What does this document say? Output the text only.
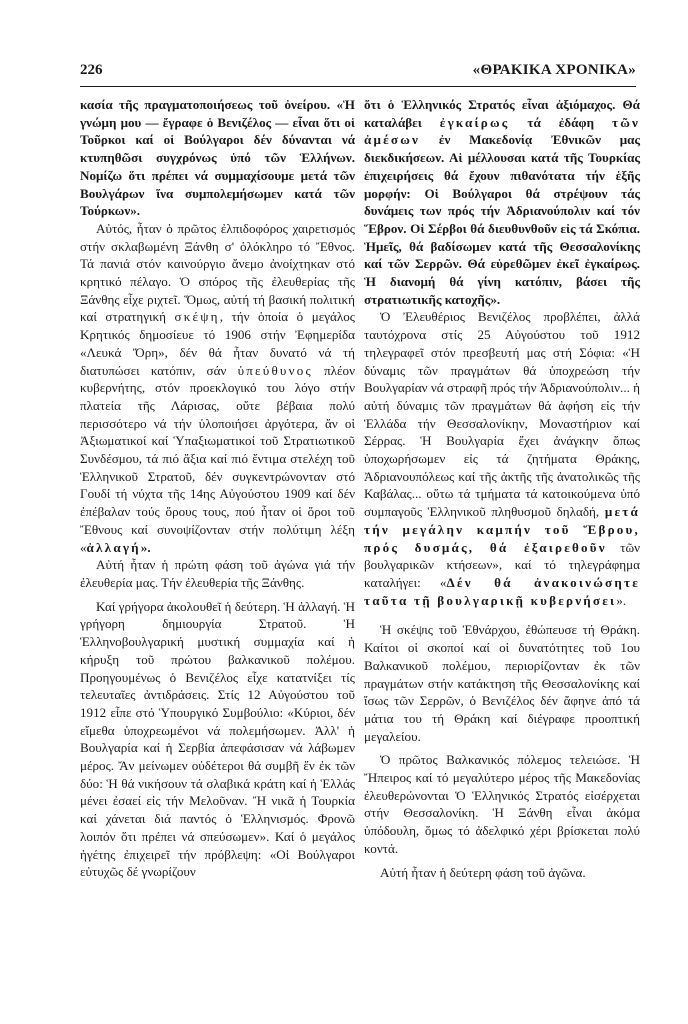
226	«ΘΡΑΚΙΚΑ ΧΡΟΝΙΚΑ»

κασία τῆς πραγματοποιήσεως τοῦ ὀνείρου. «Ἡ γνώμη μου — ἔγραφε ὁ Βενιζέλος — εἶναι ὅτι οἱ Τοῦρκοι καί οἱ Βούλγαροι δέν δύνανται νά κτυπηθῶσι συγχρόνως ὑπό τῶν Ἑλλήνων. Νομίζω ὅτι πρέπει νά συμμαχίσουμε μετά τῶν Βουλγάρων ἵνα συμπολεμήσωμεν κατά τῶν Τούρκων».

Αὐτός, ἦταν ὁ πρῶτος ἐλπιδοφόρος χαιρετισμός στήν σκλαβωμένη Ξάνθη σ' ὁλόκληρο τό Ἔθνος. Τά πανιά στόν καινούργιο ἄνεμο ἀνοίχτηκαν στό κρητικό πέλαγο. Ὁ σπόρος τῆς ἐλευθερίας τῆς Ξάνθης εἶχε ριχτεῖ. Ὅμως, αὐτή τή βασική πολιτική καί στρατηγική σκέψη, τήν ὁποία ὁ μεγάλος Κρητικός δημοσίευε τό 1906 στήν Ἐφημερίδα «Λευκά Ὄρη», δέν θά ἦταν δυνατό νά τή διατυπώσει κατόπιν, σάν ὑπεύθυνος πλέον κυβερνήτης, στόν προεκλογικό του λόγο στήν πλατεία τῆς Λάρισας, οὔτε βέβαια πολύ περισσότερο νά τήν ὑλοποιήσει ἀργότερα, ἄν οἱ Ἀξιωματικοί καί Ὑπαξιωματικοί τοῦ Στρατιωτικοῦ Συνδέσμου, τά πιό ἄξια καί πιό ἔντιμα στελέχη τοῦ Ἑλληνικοῦ Στρατοῦ, δέν συγκεντρώνονταν στό Γουδί τή νύχτα τῆς 14ης Αὐγούστου 1909 καί δέν ἐπέβαλαν τούς ὅρους τους, πού ἦταν οἱ ὅροι τοῦ Ἔθνους καί συνοψίζονταν στήν πολύτιμη λέξη «ἀλλαγή».

Αὐτή ἦταν ἡ πρώτη φάση τοῦ ἀγώνα γιά τήν ἐλευθερία μας. Τήν ἐλευθερία τῆς Ξάνθης.

Καί γρήγορα ἀκολουθεῖ ἡ δεύτερη. Ἡ ἀλλαγή. Ἡ γρήγορη δημιουργία Στρατοῦ. Ἡ Ἑλληνοβουλγαρική μυστική συμμαχία καί ἡ κήρυξη τοῦ πρώτου βαλκανικοῦ πολέμου. Προηγουμένως ὁ Βενιζέλος εἶχε κατατνίξει τίς τελευταῖες ἀντιδράσεις. Στίς 12 Αὐγούστου τοῦ 1912 εἶπε στό Ὑπουργικό Συμβούλιο: «Κύριοι, δέν εἴμεθα ὑποχρεωμένοι νά πολεμήσωμεν. Ἀλλ' ἡ Βουλγαρία καί ἡ Σερβία ἀπεφάσισαν νά λάβωμεν μέρος. Ἄν μείνωμεν οὐδέτεροι θά συμβῆ ἕν ἐκ τῶν δύο: Ἡ θά νικήσουν τά σλαβικά κράτη καί ἡ Ἑλλάς μένει ἐσαεί εἰς τήν Μελοῦναν. Ἤ νικᾶ ἡ Τουρκία καί χάνεται διά παντός ὁ Ἑλληνισμός. Φρονῶ λοιπόν ὅτι πρέπει νά σπεύσωμεν». Καί ὁ μεγάλος ἡγέτης ἐπιχειρεῖ τήν πρόβλεψη: «Οἱ Βούλγαροι εὐτυχῶς δέ γνωρίζουν

ὅτι ὁ Ἑλληνικός Στρατός εἶναι ἀξιόμαχος. Θά καταλάβει ἐγκαίρως τά ἐδάφη τῶν ἀμέσων ἐν Μακεδονίᾳ Ἐθνικῶν μας διεκδικήσεων. Αἱ μέλλουσαι κατά τῆς Τουρκίας ἐπιχειρήσεις θά ἔχουν πιθανότατα τήν ἑξῆς μορφήν: Οἱ Βούλγαροι θά στρέψουν τάς δυνάμεις των πρός τήν Ἀδριανούπολιν καί τόν Ἕβρον. Οἱ Σέρβοι θά διευθυνθοῦν εἰς τά Σκόπια. Ἡμεῖς, θά βαδίσωμεν κατά τῆς Θεσσαλονίκης καί τῶν Σερρῶν. Θά εὑρεθῶμεν ἐκεῖ ἐγκαίρως. Ἡ διανομή θά γίνη κατόπιν, βάσει τῆς στρατιωτικῆς κατοχῆς».

Ὁ Ἐλευθέριος Βενιζέλος προβλέπει, ἀλλά ταυτόχρονα στίς 25 Αὐγούστου τοῦ 1912 τηλεγραφεῖ στόν πρεσβευτή μας στή Σόφια: «Ἡ δύναμις τῶν πραγμάτων θά ὑποχρεώση τήν Βουλγαρίαν νά στραφῆ πρός τήν Ἀδριανούπολιν... ἡ αὐτή δύναμις τῶν πραγμάτων θά ἀφήση εἰς τήν Ἑλλάδα τήν Θεσσαλονίκην, Μοναστήριον καί Σέρρας. Ἡ Βουλγαρία ἔχει ἀνάγκην ὅπως ὑποχωρήσωμεν εἰς τά ζητήματα Θράκης, Ἀδριανουπόλεως καί τῆς ἀκτῆς τῆς ἀνατολικῶς τῆς Καβάλας... οὕτω τά τμήματα τά κατοικούμενα ὑπό συμπαγοῦς Ἑλληνικοῦ πληθυσμοῦ δηλαδή, μετά τήν μεγάλην καμπήν τοῦ Ἕβρου, πρός δυσμάς, θά ἐξαιρεθοῦν τῶν βουλγαρικῶν κτήσεων», καί τό τηλεγράφημα καταλήγει: «Δέν θά ἀνακοινώσητε ταῦτα τῇ βουλγαρικῇ κυβερνήσει».

Ἡ σκέψις τοῦ Ἐθνάρχου, ἐθώπευσε τή Θράκη. Καίτοι οἱ σκοποί καί οἱ δυνατότητες τοῦ 1ου Βαλκανικοῦ πολέμου, περιορίζονταν ἐκ τῶν πραγμάτων στήν κατάκτηση τῆς Θεσσαλονίκης καί ἴσως τῶν Σερρῶν, ὁ Βενιζέλος δέν ἄφηνε ἀπό τά μάτια του τή Θράκη καί διέγραφε προοπτική μεγαλείου.

Ὁ πρῶτος Βαλκανικός πόλεμος τελειώσε. Ἡ Ἤπειρος καί τό μεγαλύτερο μέρος τῆς Μακεδονίας ἐλευθερώνονται Ὁ Ἑλληνικός Στρατός εἰσέρχεται στήν Θεσσαλονίκη. Ἡ Ξάνθη εἶναι ἀκόμα ὑπόδουλη, ὅμως τό ἀδελφικό χέρι βρίσκεται πολύ κοντά.

Αὐτή ἦταν ἡ δεύτερη φάση τοῦ ἀγῶνα.
